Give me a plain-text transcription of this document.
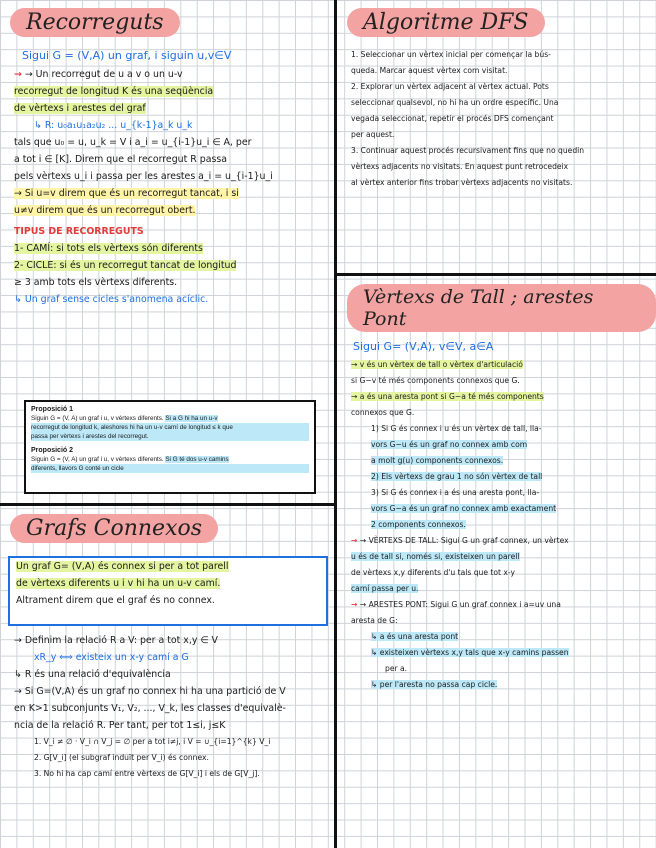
Recorreguts
Sigui G = (V,A) un graf, i siguin u,v∈V
→ → Un recorregut de u a v o un u-v
recorregut de longitud K és una seqüència
de vèrtexs i arestes del graf
↳ R: u₀a₁u₁a₂u₂ ... u_{k-1}a_k u_k
tals que u₀ = u, u_k = V i a_i = u_{i-1}u_i ∈ A, per
a tot i ∈ [K]. Direm que el recorregut R passa
pels vèrtexs u_i i passa per les arestes a_i = u_{i-1}u_i
→ Si u=v direm que és un recorregut tancat, i si
u≠v direm que és un recorregut obert.
TIPUS DE RECORREGUTS
1- CAMÍ: si tots els vèrtexs són diferents
2- CICLE: si és un recorregut tancat de longitud
≥ 3 amb tots els vèrtexs diferents.
↳ Un graf sense cicles s'anomena acíclic.
Proposició 1
Siguin G = (V, A) un graf i u, v vèrtexs diferents. Si a G hi ha un u-v
recorregut de longitud k, aleshores hi ha un u-v camí de longitud ≤ k que
passa per vèrtexs i arestes del recorregut.
Proposició 2
Siguin G = (V, A) un graf i u, v vèrtexs diferents. Si G té dos u-v camins
diferents, llavors G conté un cicle
Grafs Connexos
Un graf G= (V,A) és connex si per a tot parell
de vèrtexs diferents u i v hi ha un u-v camí.
Altrament direm que el graf és no connex.
→ Definim la relació R a V: per a tot x,y ∈ V
xR_y ⟺ existeix un x-y camí a G
↳ R és una relació d'equivalència
→ Si G=(V,A) és un graf no connex hi ha una partició de V
en K>1 subconjunts V₁, V₂, ..., V_k, les classes d'equivalè-
ncia de la relació R. Per tant, per tot 1≤i, j≤K
1. V_i ≠ ∅ · V_i ∩ V_j = ∅ per a tot i≠j, i V = ∪_{i=1}^{k} V_i
2. G[V_i] (el subgraf induït per V_i) és connex.
3. No hi ha cap camí entre vèrtexs de G[V_i] i els de G[V_j].
Algoritme DFS
1. Seleccionar un vèrtex inicial per començar la bús-
queda. Marcar aquest vèrtex com visitat.
2. Explorar un vèrtex adjacent al vèrtex actual. Pots
seleccionar qualsevol, no hi ha un ordre específic. Una
vegada seleccionat, repetir el procés DFS començant
per aquest.
3. Continuar aquest procés recursivament fins que no quedin
vèrtexs adjacents no visitats. En aquest punt retrocedeix
al vèrtex anterior fins trobar vèrtexs adjacents no visitats.
Vèrtexs de Tall ; arestes Pont
Sigui G= (V,A), v∈V, a∈A
→ v és un vèrtex de tall o vèrtex d'articulació
si G−v té més components connexos que G.
→ a és una aresta pont si G−a té més components
connexos que G.
1) Si G és connex i u és un vèrtex de tall, lla-
vors G−u és un graf no connex amb com
a molt g(u) components connexos.
2) Els vèrtexs de grau 1 no són vèrtex de tall
3) Si G és connex i a és una aresta pont, lla-
vors G−a és un graf no connex amb exactament
2 components connexos.
→ → VÈRTEXS DE TALL: Sigui G un graf connex, un vèrtex
u és de tall si, només si, existeixen un parell
de vèrtexs x,y diferents d'u tals que tot x-y
camí passa per u.
→ → ARESTES PONT: Sigui G un graf connex i a=uv una
aresta de G:
↳ a és una aresta pont
↳ existeixen vèrtexs x,y tals que x-y camins passen
per a.
↳ per l'aresta no passa cap cicle.
